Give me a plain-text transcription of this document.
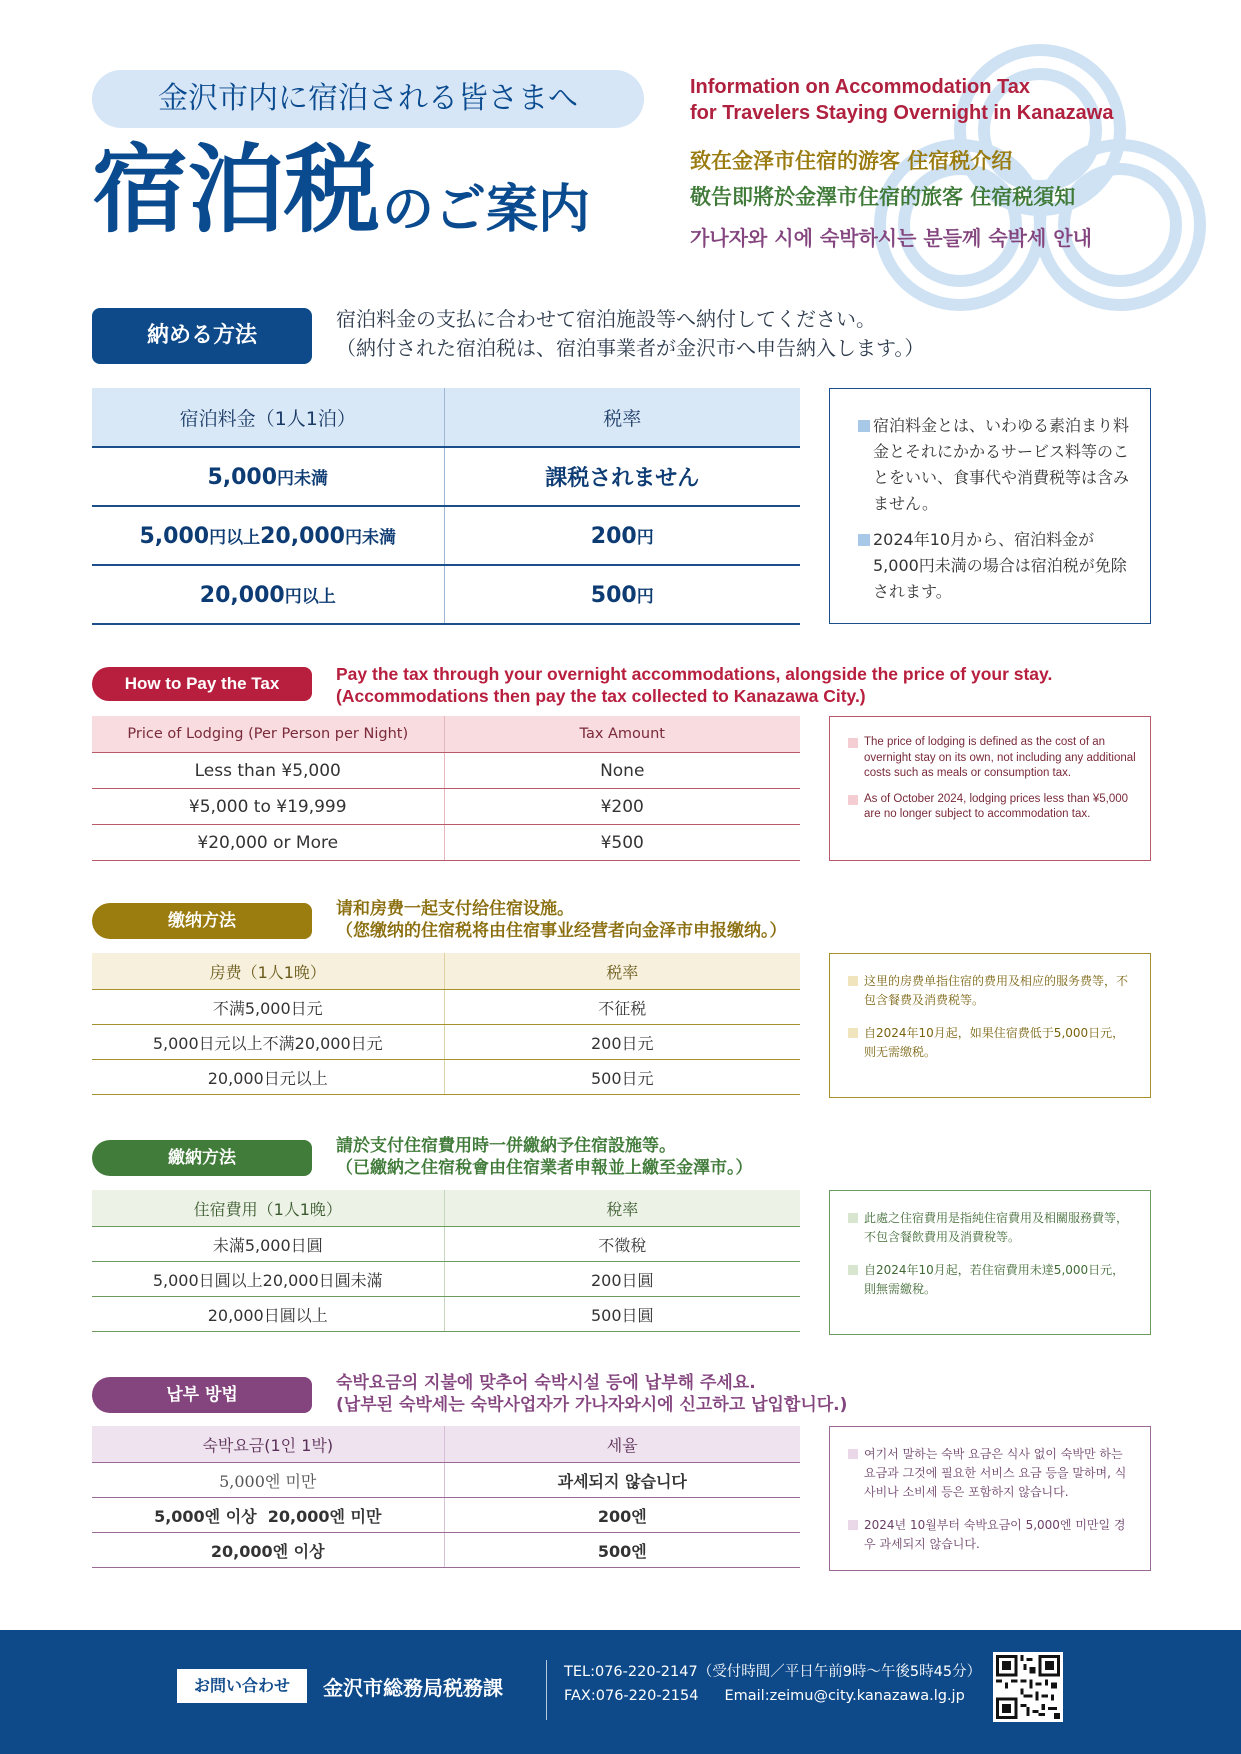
金沢市内に宿泊される皆さまへ
宿泊税 のご案内
Information on Accommodation Tax
for Travelers Staying Overnight in Kanazawa
致在金泽市住宿的游客 住宿税介绍
敬告即將於金澤市住宿的旅客 住宿税須知
가나자와 시에 숙박하시는 분들께 숙박세 안내
納める方法
宿泊料金の支払に合わせて宿泊施設等へ納付してください。
（納付された宿泊税は、宿泊事業者が金沢市へ申告納入します。）
宿泊料金（1人1泊）	税率
5,000円未満	課税されません
5,000円以上20,000円未満	200円
20,000円以上	500円

宿泊料金とは、いわゆる素泊まり料金とそれにかかるサービス料等のことをいい、食事代や消費税等は含みません。

2024年10月から、宿泊料金が5,000円未満の場合は宿泊税が免除されます。

How to Pay the Tax	Pay the tax through your overnight accommodations, alongside the price of your stay.
(Accommodations then pay the tax collected to Kanazawa City.)
Price of Lodging (Per Person per Night)	Tax Amount
Less than ¥5,000	None
¥5,000 to ¥19,999	¥200
¥20,000 or More	¥500

The price of lodging is defined as the cost of an overnight stay on its own, not including any additional costs such as meals or consumption tax.

As of October 2024, lodging prices less than ¥5,000 are no longer subject to accommodation tax.

缴纳方法
请和房费一起支付给住宿设施。
（您缴纳的住宿税将由住宿事业经营者向金泽市申报缴纳。）
房费（1人1晚）	税率
不满5,000日元	不征税
5,000日元以上不满20,000日元	200日元
20,000日元以上	500日元

这里的房费单指住宿的费用及相应的服务费等，不包含餐费及消费税等。

自2024年10月起，如果住宿费低于5,000日元，则无需缴税。

繳納方法
請於支付住宿費用時一併繳納予住宿設施等。
（已繳納之住宿稅會由住宿業者申報並上繳至金澤市。）
住宿費用（1人1晚）	稅率
未滿5,000日圓	不徵稅
5,000日圓以上20,000日圓未滿	200日圓
20,000日圓以上	500日圓

此處之住宿費用是指純住宿費用及相關服務費等，不包含餐飲費用及消費稅等。

自2024年10月起，若住宿費用未達5,000日元，則無需繳稅。

납부 방법
숙박요금의 지불에 맞추어 숙박시설 등에 납부해 주세요.
(납부된 숙박세는 숙박사업자가 가나자와시에 신고하고 납입합니다.)
숙박요금(1인 1박)	세율
5,000엔 미만	과세되지 않습니다
5,000엔 이상  20,000엔 미만	200엔
20,000엔 이상	500엔

여기서 말하는 숙박 요금은 식사 없이 숙박만 하는 요금과 그것에 필요한 서비스 요금 등을 말하며, 식사비나 소비세 등은 포함하지 않습니다.

2024년 10월부터 숙박요금이 5,000엔 미만일 경우 과세되지 않습니다.

お問い合わせ	金沢市総務局税務課
TEL:076-220-2147（受付時間／平日午前9時～午後5時45分）
FAX:076-220-2154 Email:zeimu@city.kanazawa.lg.jp
